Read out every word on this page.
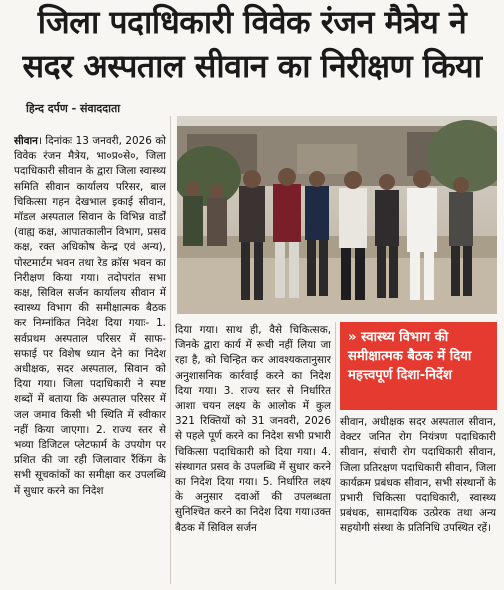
जिला पदाधिकारी विवेक रंजन मैत्रेय ने
सदर अस्पताल सीवान का निरीक्षण किया
हिन्द दर्पण - संवाददाता
सीवान। दिनांकः 13 जनवरी, 2026 को विवेक रंजन मैत्रेय, भा०प्र०से०, जिला पदाधिकारी सीवान के द्वारा जिला स्वास्थ्य समिति सीवान कार्यालय परिसर, बाल चिकित्सा गहन देखभाल इकाई सीवान, मॉडल अस्पताल सिवान के विभिन्न वार्डों (वाह्य कक्ष, आपातकालीन विभाग, प्रसव कक्ष, रक्त अधिकोष केन्द्र एवं अन्य), पोस्टमार्टम भवन तथा रेड क्रॉस भवन का निरीक्षण किया गया। तदोपरांत सभा कक्ष, सिविल सर्जन कार्यालय सीवान में स्वास्थ्य विभाग की समीक्षात्मक बैठक कर निम्नांकित निदेश दिया गयाः- 1. सर्वप्रथम अस्पताल परिसर में साफ-सफाई पर विशेष ध्यान देने का निदेश अधीक्षक, सदर अस्पताल, सिवान को दिया गया। जिला पदाधिकारी ने स्पष्ट शब्दों में बताया कि अस्पताल परिसर में जल जमाव किसी भी स्थिति में स्वीकार नहीं किया जाएगा। 2. राज्य स्तर से भव्या डिजिटल प्लेटफार्म के उपयोग पर प्रशित की जा रही जिलावार रैंकिंग के सभी सूचकांकों का समीक्षा कर उपलब्धि में सुधार करने का निदेश
» स्वास्थ्य विभाग की समीक्षात्मक बैठक में दिया महत्त्वपूर्ण दिशा-निर्देश
दिया गया। साथ ही, वैसे चिकित्सक, जिनके द्वारा कार्य में रूची नहीं लिया जा रहा है, को चिन्हित कर आवश्यकतानुसार अनुशासनिक कार्रवाई करने का निदेश दिया गया। 3. राज्य स्तर से निर्धारित आशा चयन लक्ष्य के आलोक में कुल 321 रिक्तियों को 31 जनवरी, 2026 से पहले पूर्ण करने का निदेश सभी प्रभारी चिकित्सा पदाधिकारी को दिया गया। 4. संस्थागत प्रसव के उपलब्धि में सुधार करने का निदेश दिया गया। 5. निर्धारित लक्ष्य के अनुसार दवाओं की उपलब्धता सुनिश्चित करने का निदेश दिया गया।उक्त बैठक में सिविल सर्जन
सीवान, अधीक्षक सदर अस्पताल सीवान, वेक्टर जनित रोग नियंत्रण पदाधिकारी सीवान, संचारी रोग पदाधिकारी सीवान, जिला प्रतिरक्षण पदाधिकारी सीवान, जिला कार्यक्रम प्रबंधक सीवान, सभी संस्थानों के प्रभारी चिकित्सा पदाधिकारी, स्वास्थ्य प्रबंधक, सामदायिक उत्प्रेरक तथा अन्य सहयोगी संस्था के प्रतिनिधि उपस्थित रहें।
